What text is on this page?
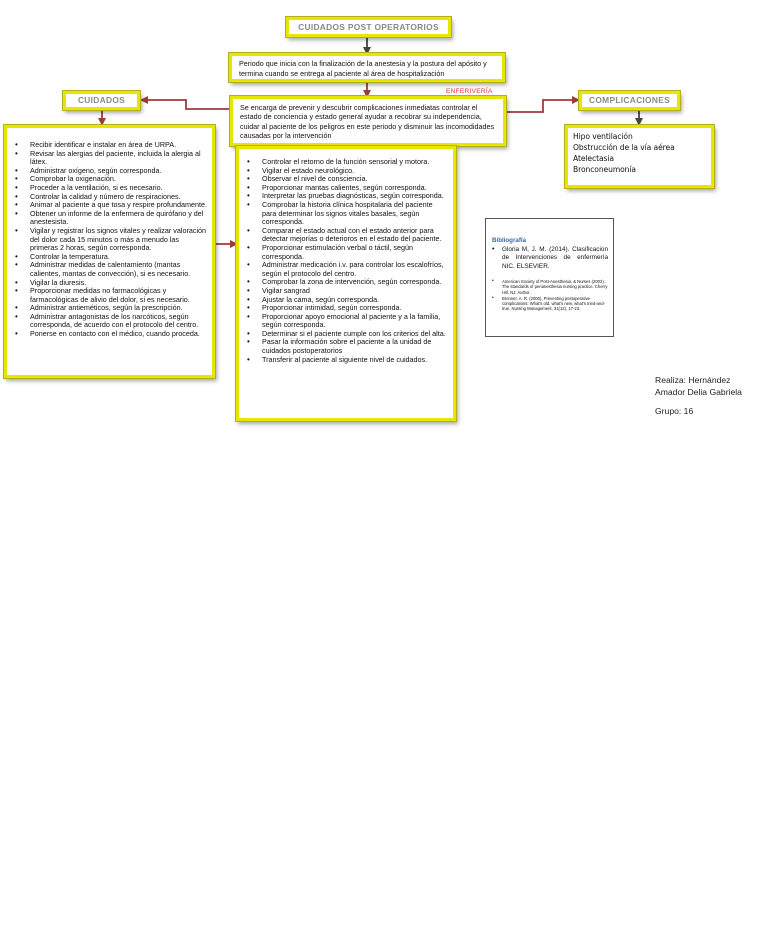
CUIDADOS POST OPERATORIOS
Periodo que inicia con la finalización de la anestesia y la postura del apósito y termina cuando se entrega al paciente al área de hospitalización
ENFERIVERÍA
Se encarga de prevenir y descubrir complicaciones inmediatas controlar el estado de conciencia y estado general ayudar a recobrar su independencia, cuidar al paciente de los peligros en este periodo y disminuir las incomodidades causadas por la intervención
CUIDADOS
• Recibir identificar e instalar en área de URPA.
• Revisar las alergias del paciente, incluida la alergia al látex.
• Administrar oxígeno, según corresponda.
• Comprobar la oxigenación.
• Proceder a la ventilación, si es necesario.
• Controlar la calidad y número de respiraciones.
• Animar al paciente a que tosa y respire profundamente.
• Obtener un informe de la enfermera de quirófano y del anestesista.
• Vigilar y registrar los signos vitales y realizar valoración del dolor cada 15 minutos o más a menudo las primeras 2 horas, según corresponda.
• Controlar la temperatura.
• Administrar medidas de calentamiento (mantas calientes, mantas de convección), si es necesario.
• Vigilar la diuresis.
• Proporcionar medidas no farmacológicas y farmacológicas de alivio del dolor, si es necesario.
• Administrar antieméticos, según la prescripción.
• Administrar antagonistas de los narcóticos, según corresponda, de acuerdo con el protocolo del centro.
• Ponerse en contacto con el médico, cuando proceda.
• Controlar el retorno de la función sensorial y motora.
• Vigilar el estado neurológico.
• Observar el nivel de consciencia.
• Proporcionar mantas calientes, según corresponda.
• Interpretar las pruebas diagnósticas, según corresponda.
• Comprobar la historia clínica hospitalaria del paciente para determinar los signos vitales basales, según corresponda.
• Comparar el estado actual con el estado anterior para detectar mejorías o deterioros en el estado del paciente.
• Proporcionar estimulación verbal o táctil, según corresponda.
• Administrar medicación i.v. para controlar los escalofríos, según el protocolo del centro.
• Comprobar la zona de intervención, según corresponda.
• Vigilar sangrad
• Ajustar la cama, según corresponda.
• Proporcionar intimidad, según corresponda.
• Proporcionar apoyo emocional al paciente y a la familia, según corresponda.
• Determinar si el paciente cumple con los criterios del alta.
• Pasar la información sobre el paciente a la unidad de cuidados postoperatorios
• Transferir al paciente al siguiente nivel de cuidados.
COMPLICACIONES
Hipo ventilación
Obstrucción de la vía aérea
Atelectasia
Bronconeumonía
Bibliografía
• Gloria M, J. M. (2014). Clasificacion de Intervenciones de enfermería NIC. ELSEVIER.
• American Society of Post-Anesthesia, & Nurses (2002). The standards of perianesthesia nursing practice. Cherry Hill, NJ: Author.
• Brenner, A. R. (2000). Preventing postoperative complications: What's old, what's new, what's tried-and-true. Nursing Management, 31(12), 17-23.
Realiza: Hernández
Amador Delia Gabriela
Grupo: 16
